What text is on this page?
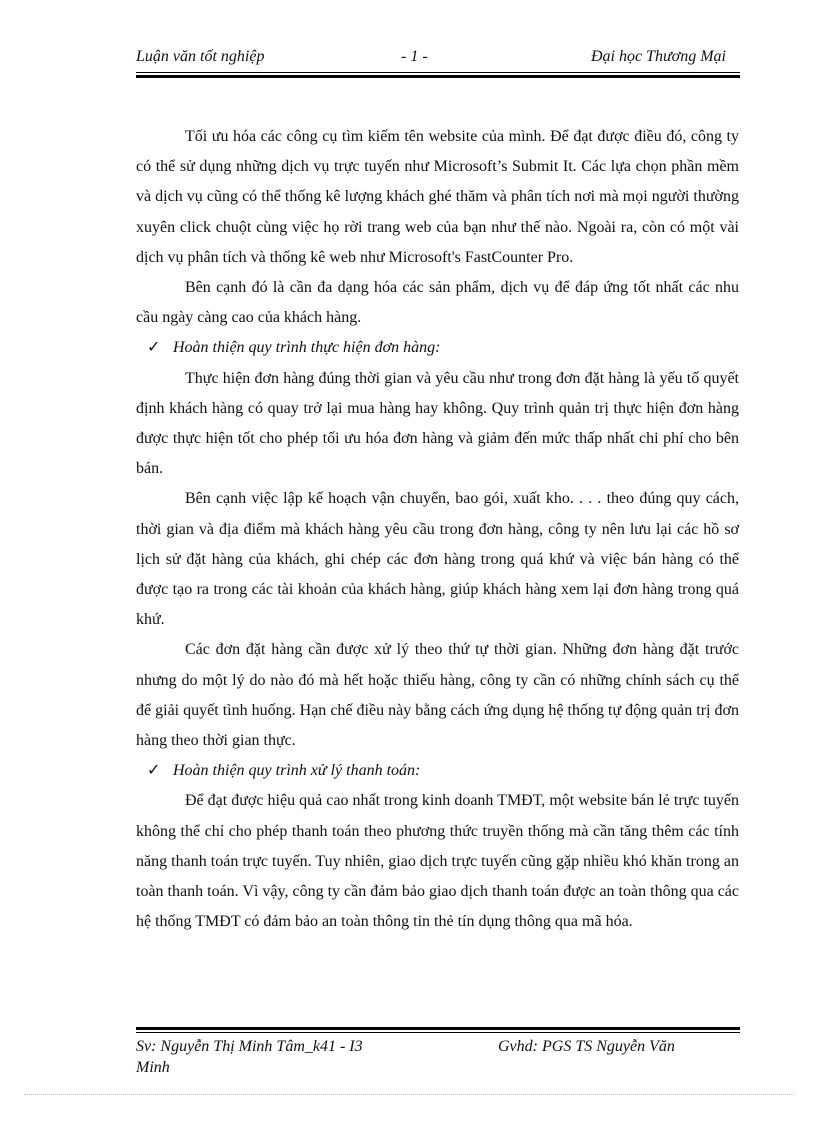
Luận văn tốt nghiệp	- 1 -	Đại học Thương Mại

Tối ưu hóa các công cụ tìm kiếm tên website của mình. Để đạt được điều đó, công ty có thể sử dụng những dịch vụ trực tuyến như Microsoft’s Submit It. Các lựa chọn phần mềm và dịch vụ cũng có thể thống kê lượng khách ghé thăm và phân tích nơi mà mọi người thường xuyên click chuột cùng việc họ rời trang web của bạn như thế nào. Ngoài ra, còn có một vài dịch vụ phân tích và thống kê web như Microsoft's FastCounter Pro.

Bên cạnh đó là cần đa dạng hóa các sản phẩm, dịch vụ để đáp ứng tốt nhất các nhu cầu ngày càng cao của khách hàng.

✓ Hoàn thiện quy trình thực hiện đơn hàng:

Thực hiện đơn hàng đúng thời gian và yêu cầu như trong đơn đặt hàng là yếu tố quyết định khách hàng có quay trở lại mua hàng hay không. Quy trình quản trị thực hiện đơn hàng được thực hiện tốt cho phép tối ưu hóa đơn hàng và giảm đến mức thấp nhất chi phí cho bên bán.

Bên cạnh việc lập kế hoạch vận chuyển, bao gói, xuất kho. . . . theo đúng quy cách, thời gian và địa điểm mà khách hàng yêu cầu trong đơn hàng, công ty nên lưu lại các hồ sơ lịch sử đặt hàng của khách, ghi chép các đơn hàng trong quá khứ và việc bán hàng có thể được tạo ra trong các tài khoản của khách hàng, giúp khách hàng xem lại đơn hàng trong quá khứ.

Các đơn đặt hàng cần được xử lý theo thứ tự thời gian. Những đơn hàng đặt trước nhưng do một lý do nào đó mà hết hoặc thiếu hàng, công ty cần có những chính sách cụ thể để giải quyết tình huống. Hạn chế điều này bằng cách ứng dụng hệ thống tự động quản trị đơn hàng theo thời gian thực.

✓ Hoàn thiện quy trình xử lý thanh toán:

Để đạt được hiệu quả cao nhất trong kinh doanh TMĐT, một website bán lẻ trực tuyến không thể chỉ cho phép thanh toán theo phương thức truyền thống mà cần tăng thêm các tính năng thanh toán trực tuyến. Tuy nhiên, giao dịch trực tuyến cũng gặp nhiều khó khăn trong an toàn thanh toán. Vì vậy, công ty cần đảm bảo giao dịch thanh toán được an toàn thông qua các hệ thống TMĐT có đảm bảo an toàn thông tin thẻ tín dụng thông qua mã hóa.

Sv: Nguyễn Thị Minh Tâm_k41 - I3 Minh
Gvhd: PGS TS Nguyễn Văn
